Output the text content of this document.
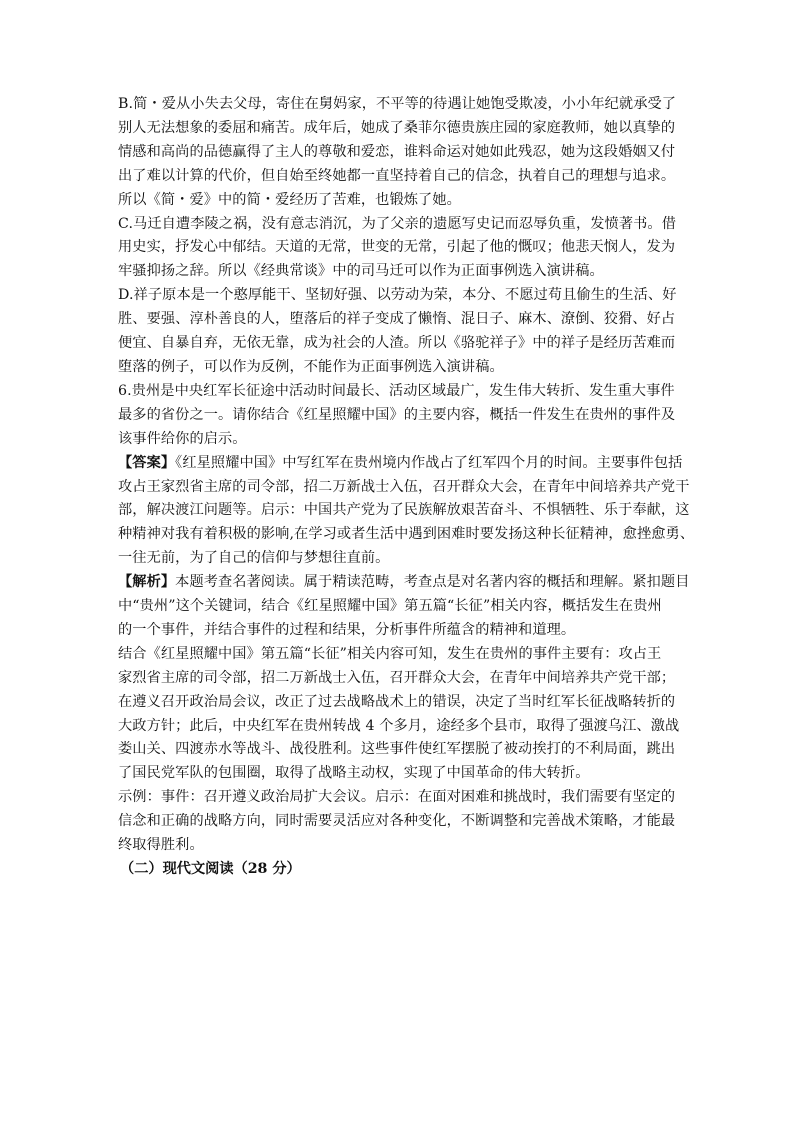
B.简・爱从小失去父母，寄住在舅妈家，不平等的待遇让她饱受欺凌，小小年纪就承受了

别人无法想象的委屈和痛苦。成年后，她成了桑菲尔德贵族庄园的家庭教师，她以真挚的

情感和高尚的品德赢得了主人的尊敬和爱恋，谁料命运对她如此残忍，她为这段婚姻又付

出了难以计算的代价，但自始至终她都一直坚持着自己的信念，执着自己的理想与追求。

所以《简・爱》中的简・爱经历了苦难，也锻炼了她。

C.马迁自遭李陵之祸，没有意志消沉，为了父亲的遗愿写史记而忍辱负重，发愤著书。借

用史实，抒发心中郁结。天道的无常，世变的无常，引起了他的慨叹；他悲天悯人，发为

牢骚抑扬之辞。所以《经典常谈》中的司马迁可以作为正面事例选入演讲稿。

D.祥子原本是一个憨厚能干、坚韧好强、以劳动为荣，本分、不愿过苟且偷生的生活、好

胜、要强、淳朴善良的人，堕落后的祥子变成了懒惰、混日子、麻木、潦倒、狡猾、好占

便宜、自暴自弃，无依无靠，成为社会的人渣。所以《骆驼祥子》中的祥子是经历苦难而

堕落的例子，可以作为反例，不能作为正面事例选入演讲稿。

6.贵州是中央红军长征途中活动时间最长、活动区域最广，发生伟大转折、发生重大事件

最多的省份之一。请你结合《红星照耀中国》的主要内容，概括一件发生在贵州的事件及

该事件给你的启示。

【答案】《红星照耀中国》中写红军在贵州境内作战占了红军四个月的时间。主要事件包括

攻占王家烈省主席的司令部，招二万新战士入伍，召开群众大会，在青年中间培养共产党干

部，解决渡江问题等。启示：中国共产党为了民族解放艰苦奋斗、不惧牺牲、乐于奉献，这

种精神对我有着积极的影响,在学习或者生活中遇到困难时要发扬这种长征精神，愈挫愈勇、

一往无前，为了自己的信仰与梦想往直前。

【解析】本题考查名著阅读。属于精读范畴，考查点是对名著内容的概括和理解。紧扣题目

中“贵州”这个关键词，结合《红星照耀中国》第五篇“长征”相关内容，概括发生在贵州

的一个事件，并结合事件的过程和结果，分析事件所蕴含的精神和道理。

结合《红星照耀中国》第五篇“长征”相关内容可知，发生在贵州的事件主要有：攻占王

家烈省主席的司令部，招二万新战士入伍，召开群众大会，在青年中间培养共产党干部；

在遵义召开政治局会议，改正了过去战略战术上的错误，决定了当时红军长征战略转折的

大政方针；此后，中央红军在贵州转战 4 个多月，途经多个县市，取得了强渡乌江、激战

娄山关、四渡赤水等战斗、战役胜利。这些事件使红军摆脱了被动挨打的不利局面，跳出

了国民党军队的包围圈，取得了战略主动权，实现了中国革命的伟大转折。

示例：事件：召开遵义政治局扩大会议。启示：在面对困难和挑战时，我们需要有坚定的

信念和正确的战略方向，同时需要灵活应对各种变化，不断调整和完善战术策略，才能最

终取得胜利。

（二）现代文阅读（28 分）
